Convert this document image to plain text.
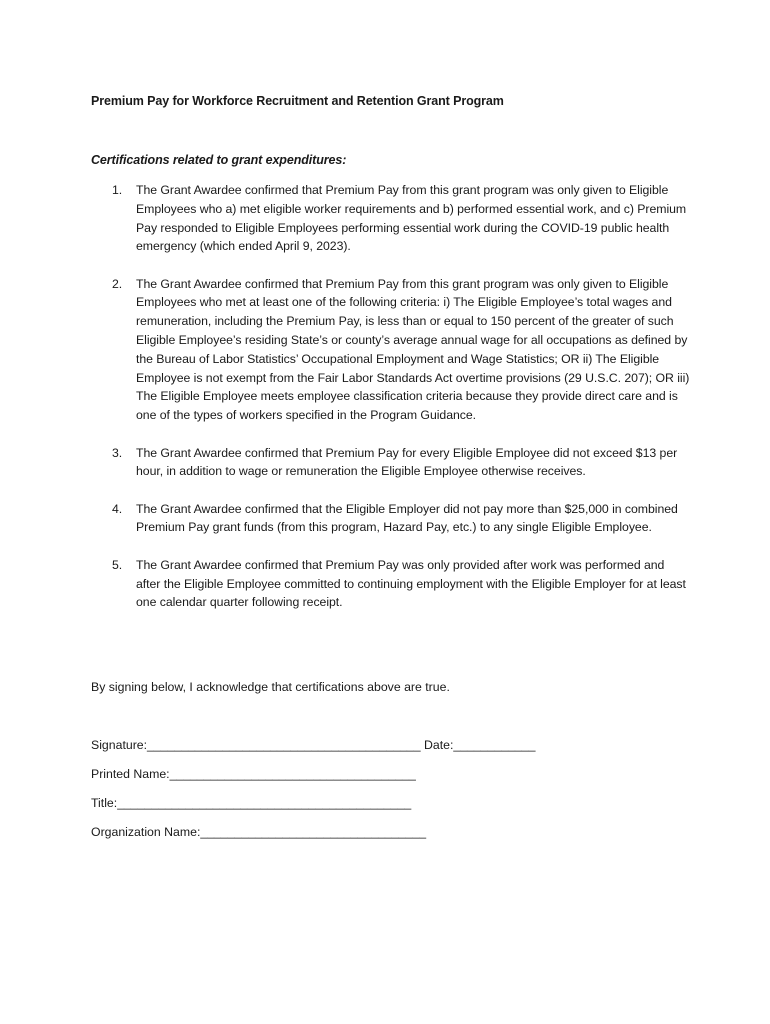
Premium Pay for Workforce Recruitment and Retention Grant Program
Certifications related to grant expenditures:
1. The Grant Awardee confirmed that Premium Pay from this grant program was only given to Eligible Employees who a) met eligible worker requirements and b) performed essential work, and c) Premium Pay responded to Eligible Employees performing essential work during the COVID-19 public health emergency (which ended April 9, 2023).
2. The Grant Awardee confirmed that Premium Pay from this grant program was only given to Eligible Employees who met at least one of the following criteria: i) The Eligible Employee’s total wages and remuneration, including the Premium Pay, is less than or equal to 150 percent of the greater of such Eligible Employee’s residing State’s or county’s average annual wage for all occupations as defined by the Bureau of Labor Statistics’ Occupational Employment and Wage Statistics; OR ii) The Eligible Employee is not exempt from the Fair Labor Standards Act overtime provisions (29 U.S.C. 207); OR iii) The Eligible Employee meets employee classification criteria because they provide direct care and is one of the types of workers specified in the Program Guidance.
3. The Grant Awardee confirmed that Premium Pay for every Eligible Employee did not exceed $13 per hour, in addition to wage or remuneration the Eligible Employee otherwise receives.
4. The Grant Awardee confirmed that the Eligible Employer did not pay more than $25,000 in combined Premium Pay grant funds (from this program, Hazard Pay, etc.) to any single Eligible Employee.
5. The Grant Awardee confirmed that Premium Pay was only provided after work was performed and after the Eligible Employee committed to continuing employment with the Eligible Employer for at least one calendar quarter following receipt.
By signing below, I acknowledge that certifications above are true.
Signature:________________________________________ Date:____________
Printed Name:____________________________________
Title:___________________________________________
Organization Name:_________________________________
